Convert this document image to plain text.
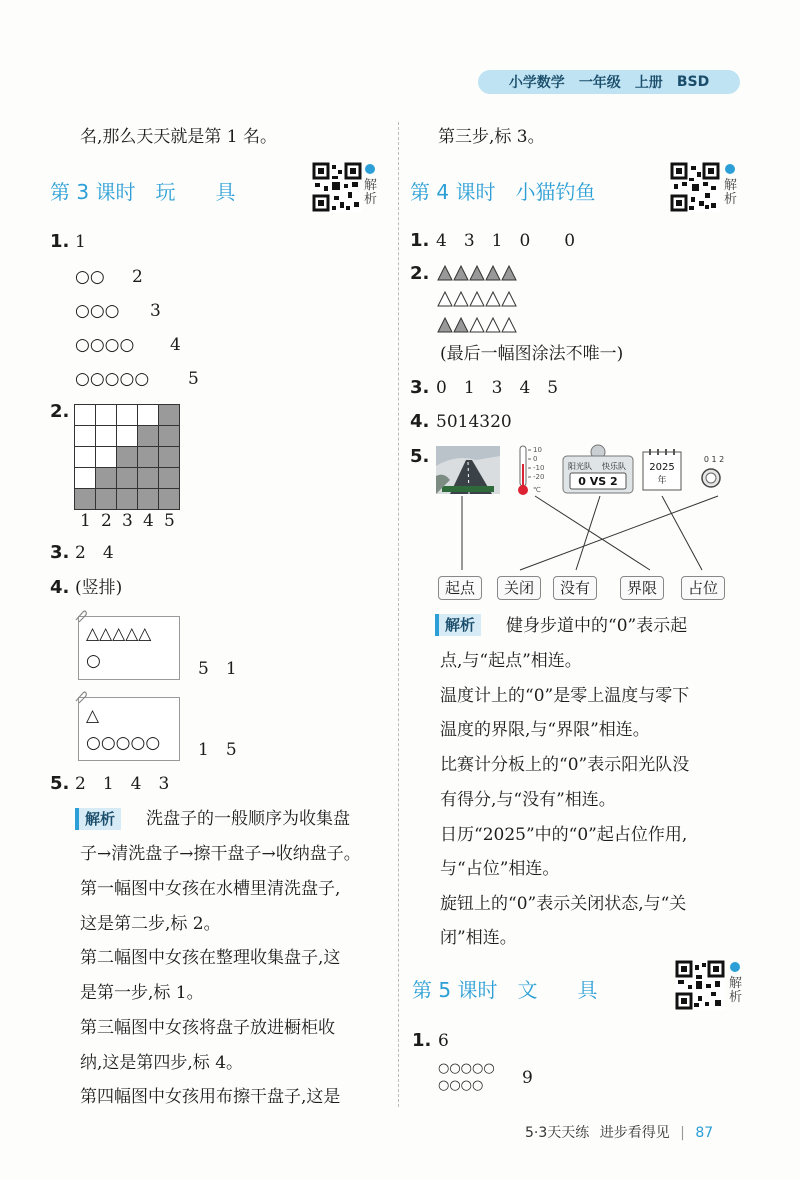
小学数学 一年级 上册 BSD
名,那么天天就是第 1 名。
第 3 课时　玩　　具	解析
1. 1
○○ 2
○○○ 3
○○○○ 4
○○○○○ 5
2.
1 2 3 4 5
3. 2　4
4. (竖排)
△△△△△
○	5　1
△
○○○○○ 1　5
5. 2　1　4　3
解析	洗盘子的一般顺序为收集盘
子→清洗盘子→擦干盘子→收纳盘子。
第一幅图中女孩在水槽里清洗盘子,
这是第二步,标 2。
第二幅图中女孩在整理收集盘子,这
是第一步,标 1。
第三幅图中女孩将盘子放进橱柜收
纳,这是第四步,标 4。
第四幅图中女孩用布擦干盘子,这是
第三步,标 3。
第 4 课时　小猫钓鱼	解析
1. 4　3　1　0　　0
2.
(最后一幅图涂法不唯一)
3. 0　1　3　4　5
4. 5014320
5.	10
0
-10
-20
℃
阳光队 快乐队
0 VS 2
2025
年
0 1 2
起点	关闭	没有	界限	占位
解析	健身步道中的“0”表示起
点,与“起点”相连。
温度计上的“0”是零上温度与零下
温度的界限,与“界限”相连。
比赛计分板上的“0”表示阳光队没
有得分,与“没有”相连。
日历“2025”中的“0”起占位作用,
与“占位”相连。
旋钮上的“0”表示关闭状态,与“关
闭”相连。
第 5 课时　文　　具	解析
1. 6
○○○○○
○○○○ 9
5·3天天练 进步看得见 | 87
